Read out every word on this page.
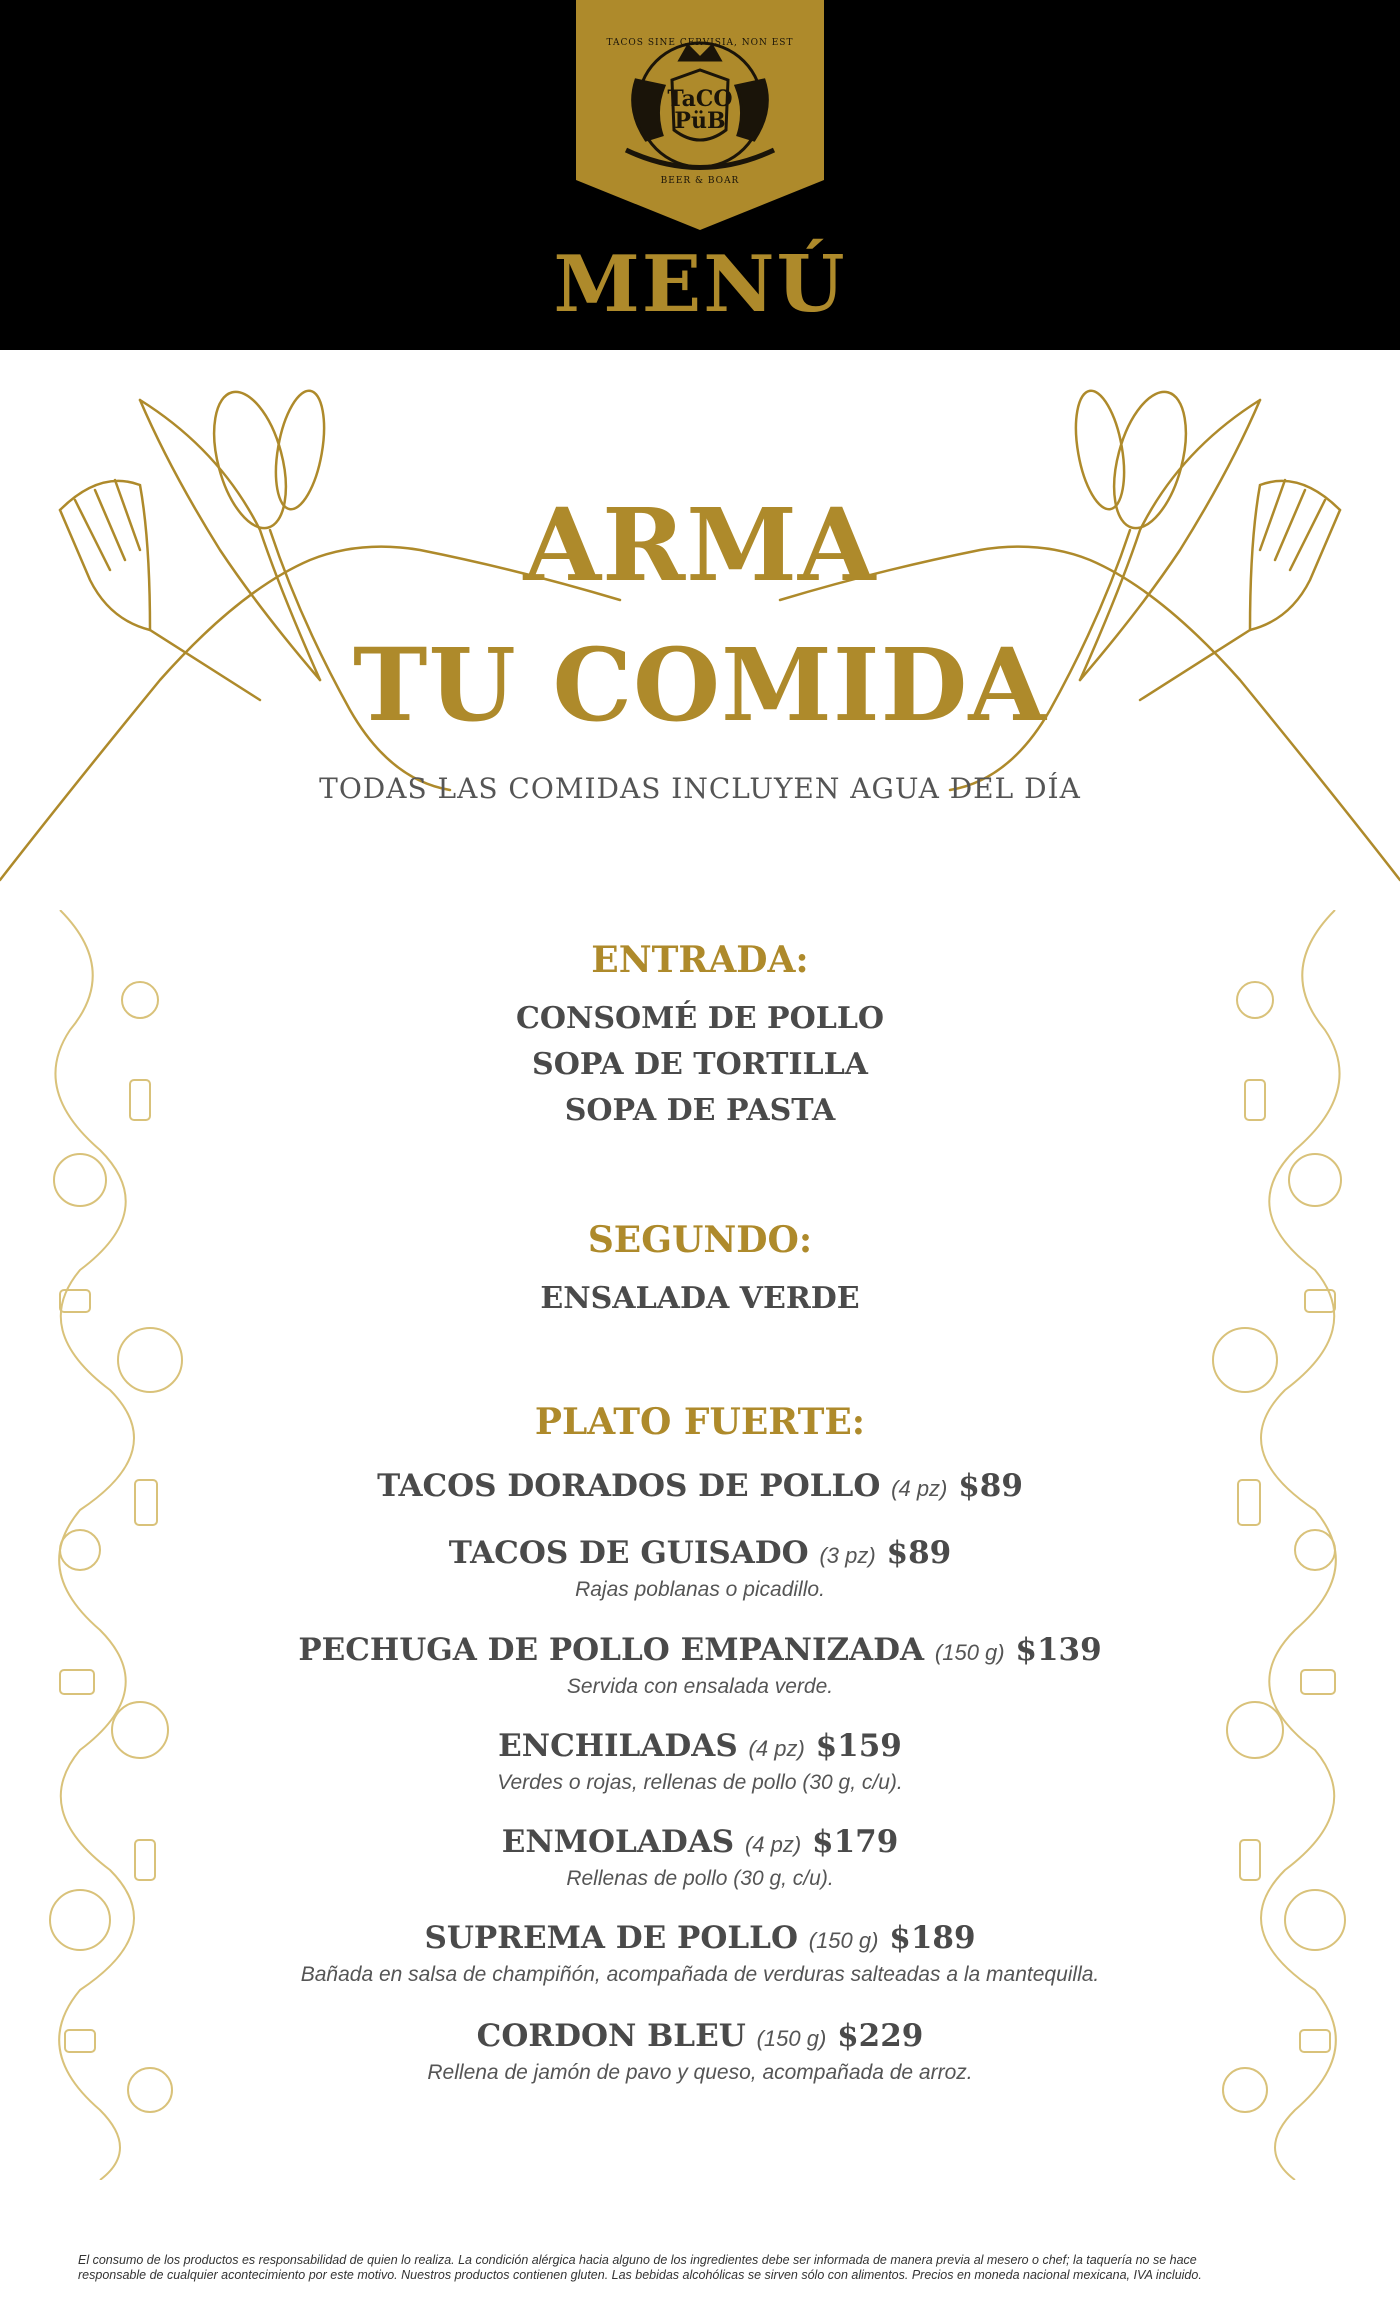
TACOS SINE CERVISIA, NON EST
TaCO
PüB
BEER & BOAR
MENÚ
ARMA
TU COMIDA
TODAS LAS COMIDAS INCLUYEN AGUA DEL DÍA
ENTRADA:
CONSOMÉ DE POLLO
SOPA DE TORTILLA
SOPA DE PASTA
SEGUNDO:
ENSALADA VERDE
PLATO FUERTE:
TACOS DORADOS DE POLLO (4 pz) $89
TACOS DE GUISADO (3 pz) $89
Rajas poblanas o picadillo.
PECHUGA DE POLLO EMPANIZADA (150 g) $139
Servida con ensalada verde.
ENCHILADAS (4 pz) $159
Verdes o rojas, rellenas de pollo (30 g, c/u).
ENMOLADAS (4 pz) $179
Rellenas de pollo (30 g, c/u).
SUPREMA DE POLLO (150 g) $189
Bañada en salsa de champiñón, acompañada de verduras salteadas a la mantequilla.
CORDON BLEU (150 g) $229
Rellena de jamón de pavo y queso, acompañada de arroz.
El consumo de los productos es responsabilidad de quien lo realiza. La condición alérgica hacia alguno de los ingredientes debe ser informada de manera previa al mesero o chef; la taquería no se hace
responsable de cualquier acontecimiento por este motivo. Nuestros productos contienen gluten. Las bebidas alcohólicas se sirven sólo con alimentos. Precios en moneda nacional mexicana, IVA incluido.
